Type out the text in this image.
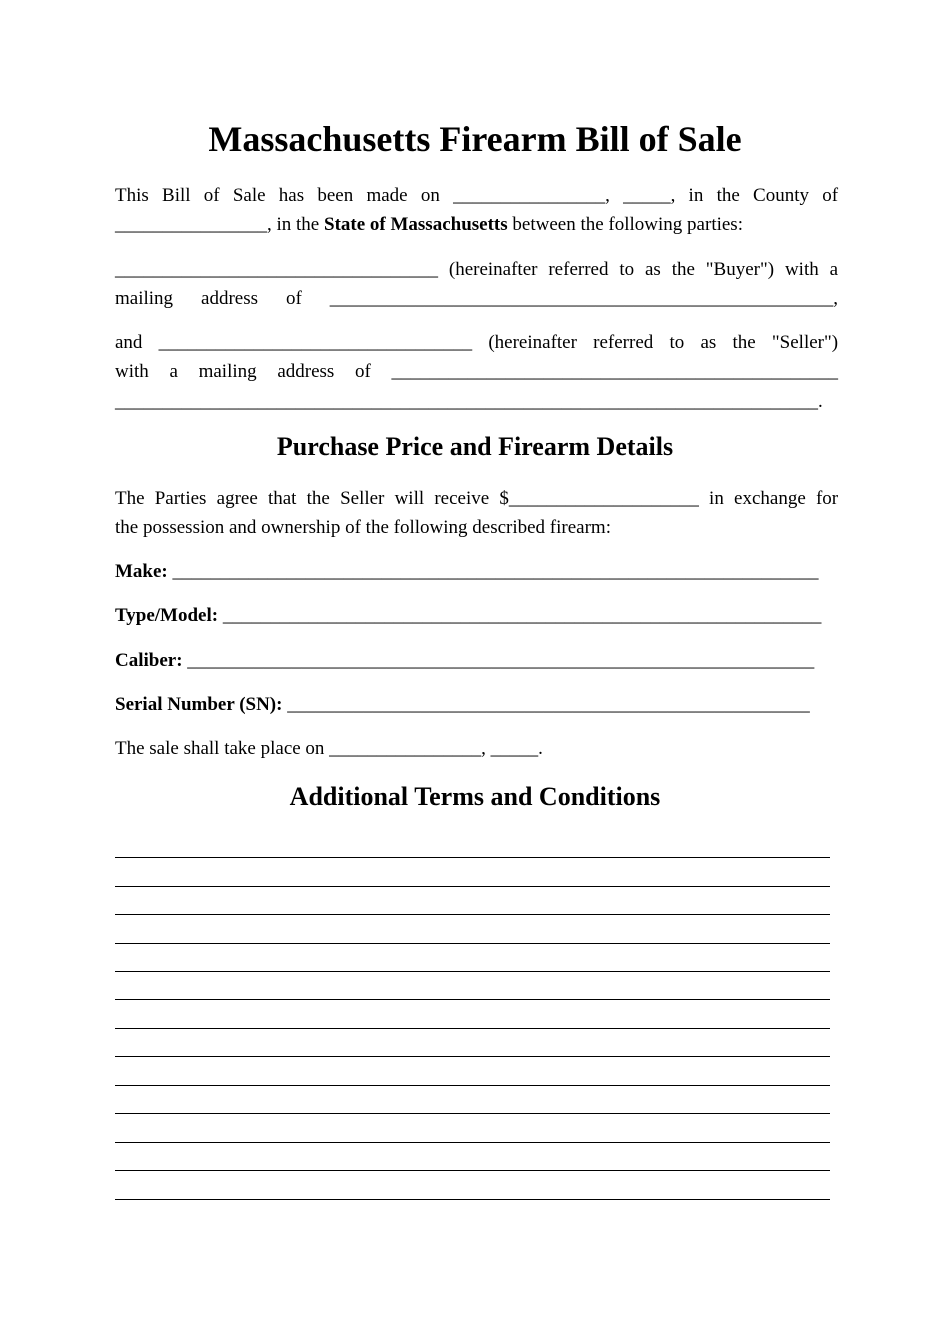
Massachusetts Firearm Bill of Sale
This Bill of Sale has been made on ________________, _____, in the County of
________________, in the State of Massachusetts between the following parties:
__________________________________ (hereinafter referred to as the "Buyer") with a
mailing address of _____________________________________________________,
and _________________________________ (hereinafter referred to as the "Seller")
with a mailing address of _______________________________________________
__________________________________________________________________________.
Purchase Price and Firearm Details
The Parties agree that the Seller will receive $____________________ in exchange for
the possession and ownership of the following described firearm:
Make: ____________________________________________________________________
Type/Model: _______________________________________________________________
Caliber: __________________________________________________________________
Serial Number (SN): _______________________________________________________
The sale shall take place on ________________, _____.
Additional Terms and Conditions
